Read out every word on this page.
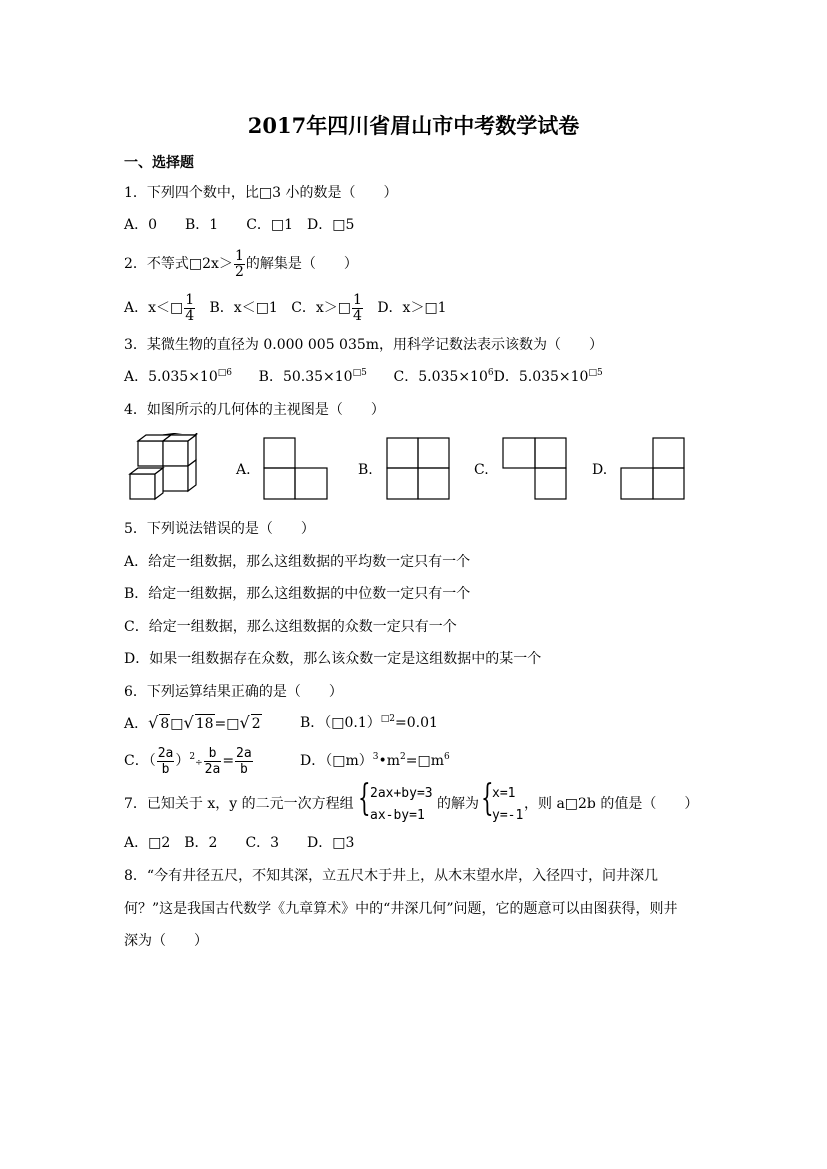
2017年四川省眉山市中考数学试卷
一、选择题
1．下列四个数中，比□3 小的数是（　　）
A．0　　B．1　　C．□1　D．□5
2．不等式□2x＞ $\frac{1}{2}$ 的解集是（　　）
A．x＜□ $\frac{1}{4}$ B．x＜□1 C．x＞□ $\frac{1}{4}$ D．x＞□1
3．某微生物的直径为 0.000 005 035m，用科学记数法表示该数为（　　）
A．$5.035\times 10^{□6}$ B．$50.35\times 10^{□5}$ C．$5.035\times 10^6D$．$5.035\times 10^{□5}$
4．如图所示的几何体的主视图是（　　）
A.	B.	C.	D.
5．下列说法错误的是（　　）
A．给定一组数据，那么这组数据的平均数一定只有一个
B．给定一组数据，那么这组数据的中位数一定只有一个
C．给定一组数据，那么这组数据的众数一定只有一个
D．如果一组数据存在众数，那么该众数一定是这组数据中的某一个
6．下列运算结果正确的是（　　）
A．√ 8□√ 18=□√ 2	B．（□0.1）$^{□2}$=0.01
C．（ $\frac{2a}{b} )^2\div \frac{b}{2a} = \frac{2a}{b}$	D．$(□m)^3•m^2=□m^6$
7．已知关于 x，y 的二元一次方程组 { 2ax+by=3
ax-by=1
的解为 {
x=1
y=-1
，则 a□2b 的值是（　　）
A．□2　B．2　　C．3　　D．□3
8．“今有井径五尺，不知其深，立五尺木于井上，从木末望水岸，入径四寸，问井深几
何？”这是我国古代数学《九章算术》中的“井深几何”问题，它的题意可以由图获得，则井
深为（　　）
